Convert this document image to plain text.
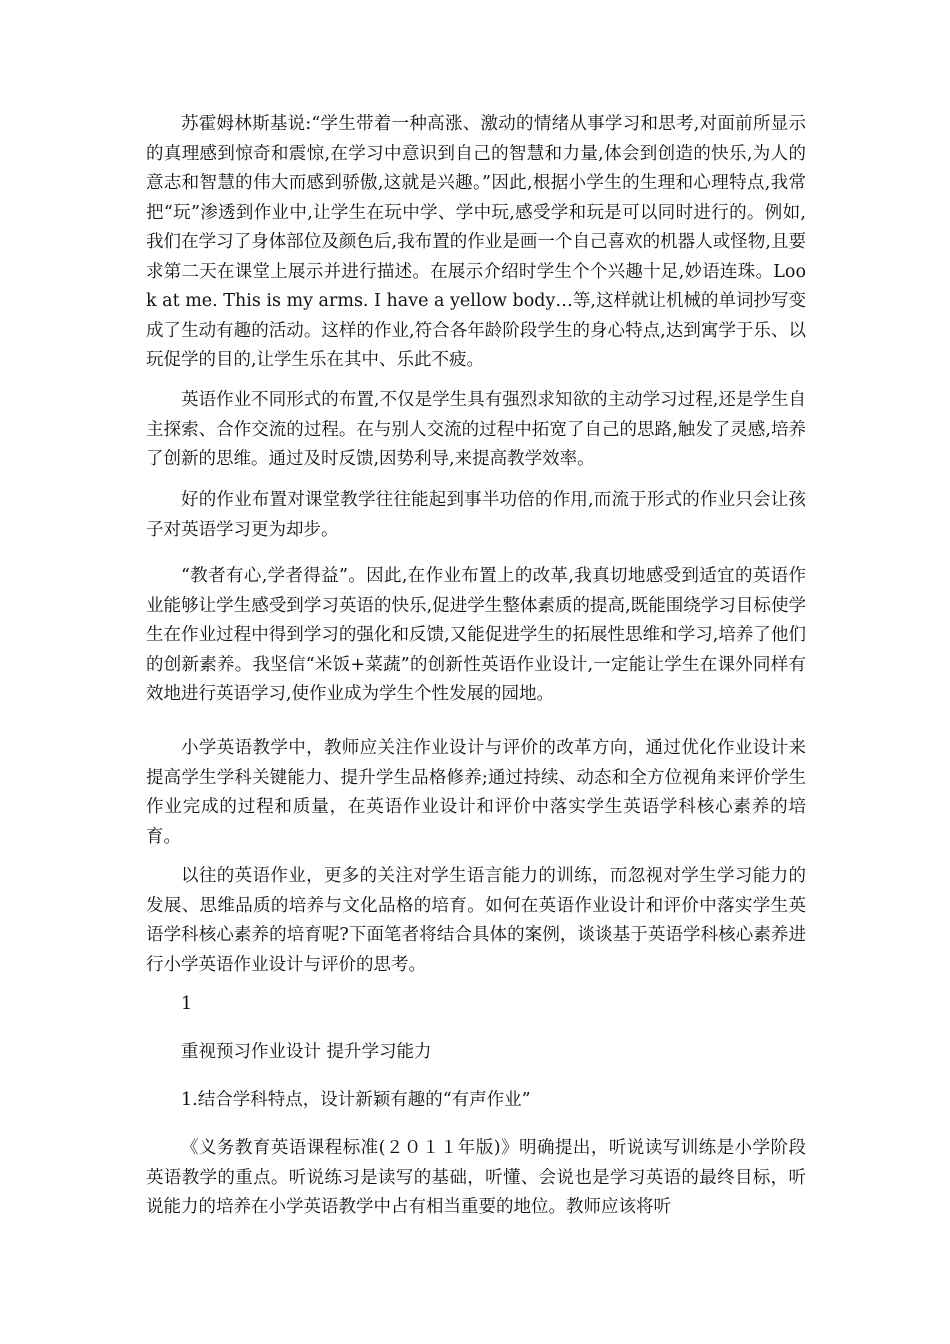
苏霍姆林斯基说:“学生带着一种高涨、激动的情绪从事学习和思考,对面前所显示的真理感到惊奇和震惊,在学习中意识到自己的智慧和力量,体会到创造的快乐,为人的意志和智慧的伟大而感到骄傲,这就是兴趣。”因此,根据小学生的生理和心理特点,我常把“玩”渗透到作业中,让学生在玩中学、学中玩,感受学和玩是可以同时进行的。例如,我们在学习了身体部位及颜色后,我布置的作业是画一个自己喜欢的机器人或怪物,且要求第二天在课堂上展示并进行描述。在展示介绍时学生个个兴趣十足,妙语连珠。Look at me. This is my arms. I have a yellow body…等,这样就让机械的单词抄写变成了生动有趣的活动。这样的作业,符合各年龄阶段学生的身心特点,达到寓学于乐、以玩促学的目的,让学生乐在其中、乐此不疲。

英语作业不同形式的布置,不仅是学生具有强烈求知欲的主动学习过程,还是学生自主探索、合作交流的过程。在与别人交流的过程中拓宽了自己的思路,触发了灵感,培养了创新的思维。通过及时反馈,因势利导,来提高教学效率。

好的作业布置对课堂教学往往能起到事半功倍的作用,而流于形式的作业只会让孩子对英语学习更为却步。

“教者有心,学者得益”。因此,在作业布置上的改革,我真切地感受到适宜的英语作业能够让学生感受到学习英语的快乐,促进学生整体素质的提高,既能围绕学习目标使学生在作业过程中得到学习的强化和反馈,又能促进学生的拓展性思维和学习,培养了他们的创新素养。我坚信“米饭+菜蔬”的创新性英语作业设计,一定能让学生在课外同样有效地进行英语学习,使作业成为学生个性发展的园地。

小学英语教学中，教师应关注作业设计与评价的改革方向，通过优化作业设计来提高学生学科关键能力、提升学生品格修养;通过持续、动态和全方位视角来评价学生作业完成的过程和质量，在英语作业设计和评价中落实学生英语学科核心素养的培育。

以往的英语作业，更多的关注对学生语言能力的训练，而忽视对学生学习能力的发展、思维品质的培养与文化品格的培育。如何在英语作业设计和评价中落实学生英语学科核心素养的培育呢?下面笔者将结合具体的案例，谈谈基于英语学科核心素养进行小学英语作业设计与评价的思考。

1

重视预习作业设计 提升学习能力

1.结合学科特点，设计新颖有趣的“有声作业”

《义务教育英语课程标准(２０１１年版)》明确提出，听说读写训练是小学阶段英语教学的重点。听说练习是读写的基础，听懂、会说也是学习英语的最终目标，听说能力的培养在小学英语教学中占有相当重要的地位。教师应该将听
